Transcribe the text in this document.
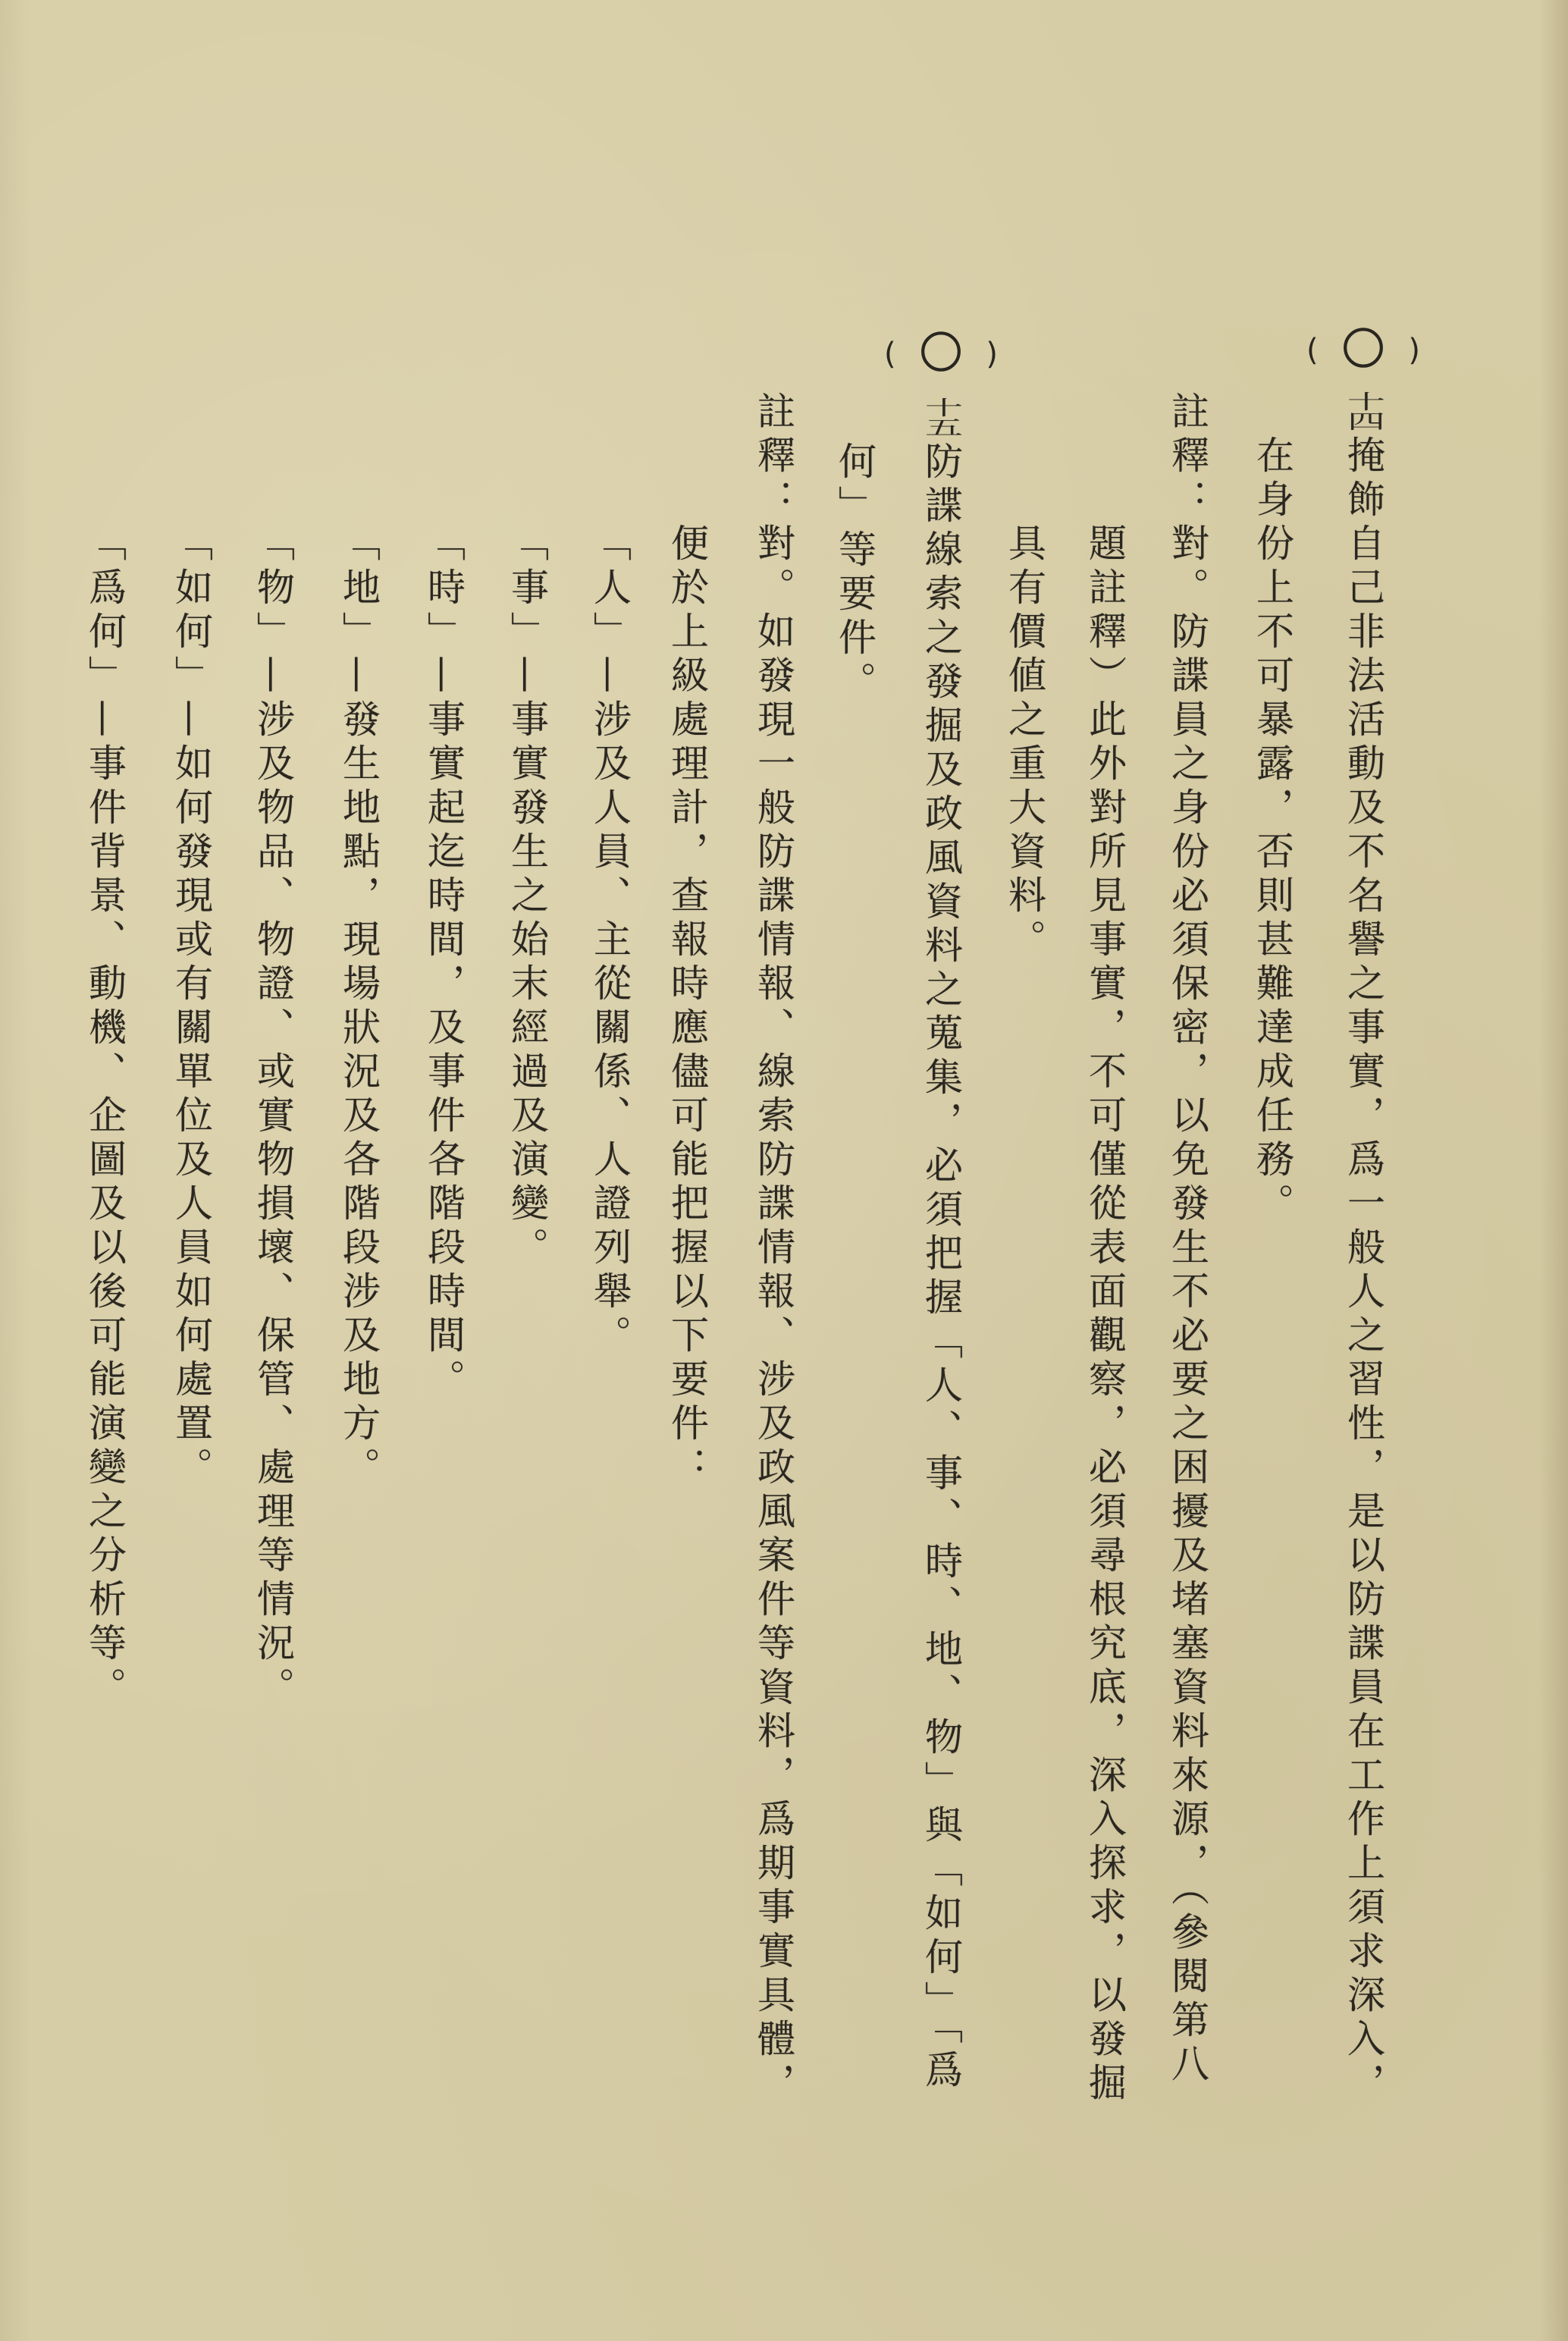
( 〇 )
十四
掩飾自己非法活動及不名譽之事實，爲一般人之習性，是以防諜員在工作上須求深入，
在身份上不可暴露，否則甚難達成任務。
註釋：對。防諜員之身份必須保密，以免發生不必要之困擾及堵塞資料來源，（參閱第八
題註釋）此外對所見事實，不可僅從表面觀察，必須尋根究底，深入探求，以發掘
具有價値之重大資料。
( 〇 )
十五
防諜線索之發掘及政風資料之蒐集，必須把握「人、事、時、地、物」與「如何」「爲
何」等要件。
註釋：對。如發現一般防諜情報、線索防諜情報、涉及政風案件等資料，爲期事實具體，
便於上級處理計，查報時應儘可能把握以下要件：
「人」—涉及人員、主從關係、人證列舉。
「事」—事實發生之始末經過及演變。
「時」—事實起迄時間，及事件各階段時間。
「地」—發生地點，現場狀況及各階段涉及地方。
「物」—涉及物品、物證、或實物損壞、保管、處理等情況。
「如何」—如何發現或有關單位及人員如何處置。
「爲何」—事件背景、動機、企圖及以後可能演變之分析等。
